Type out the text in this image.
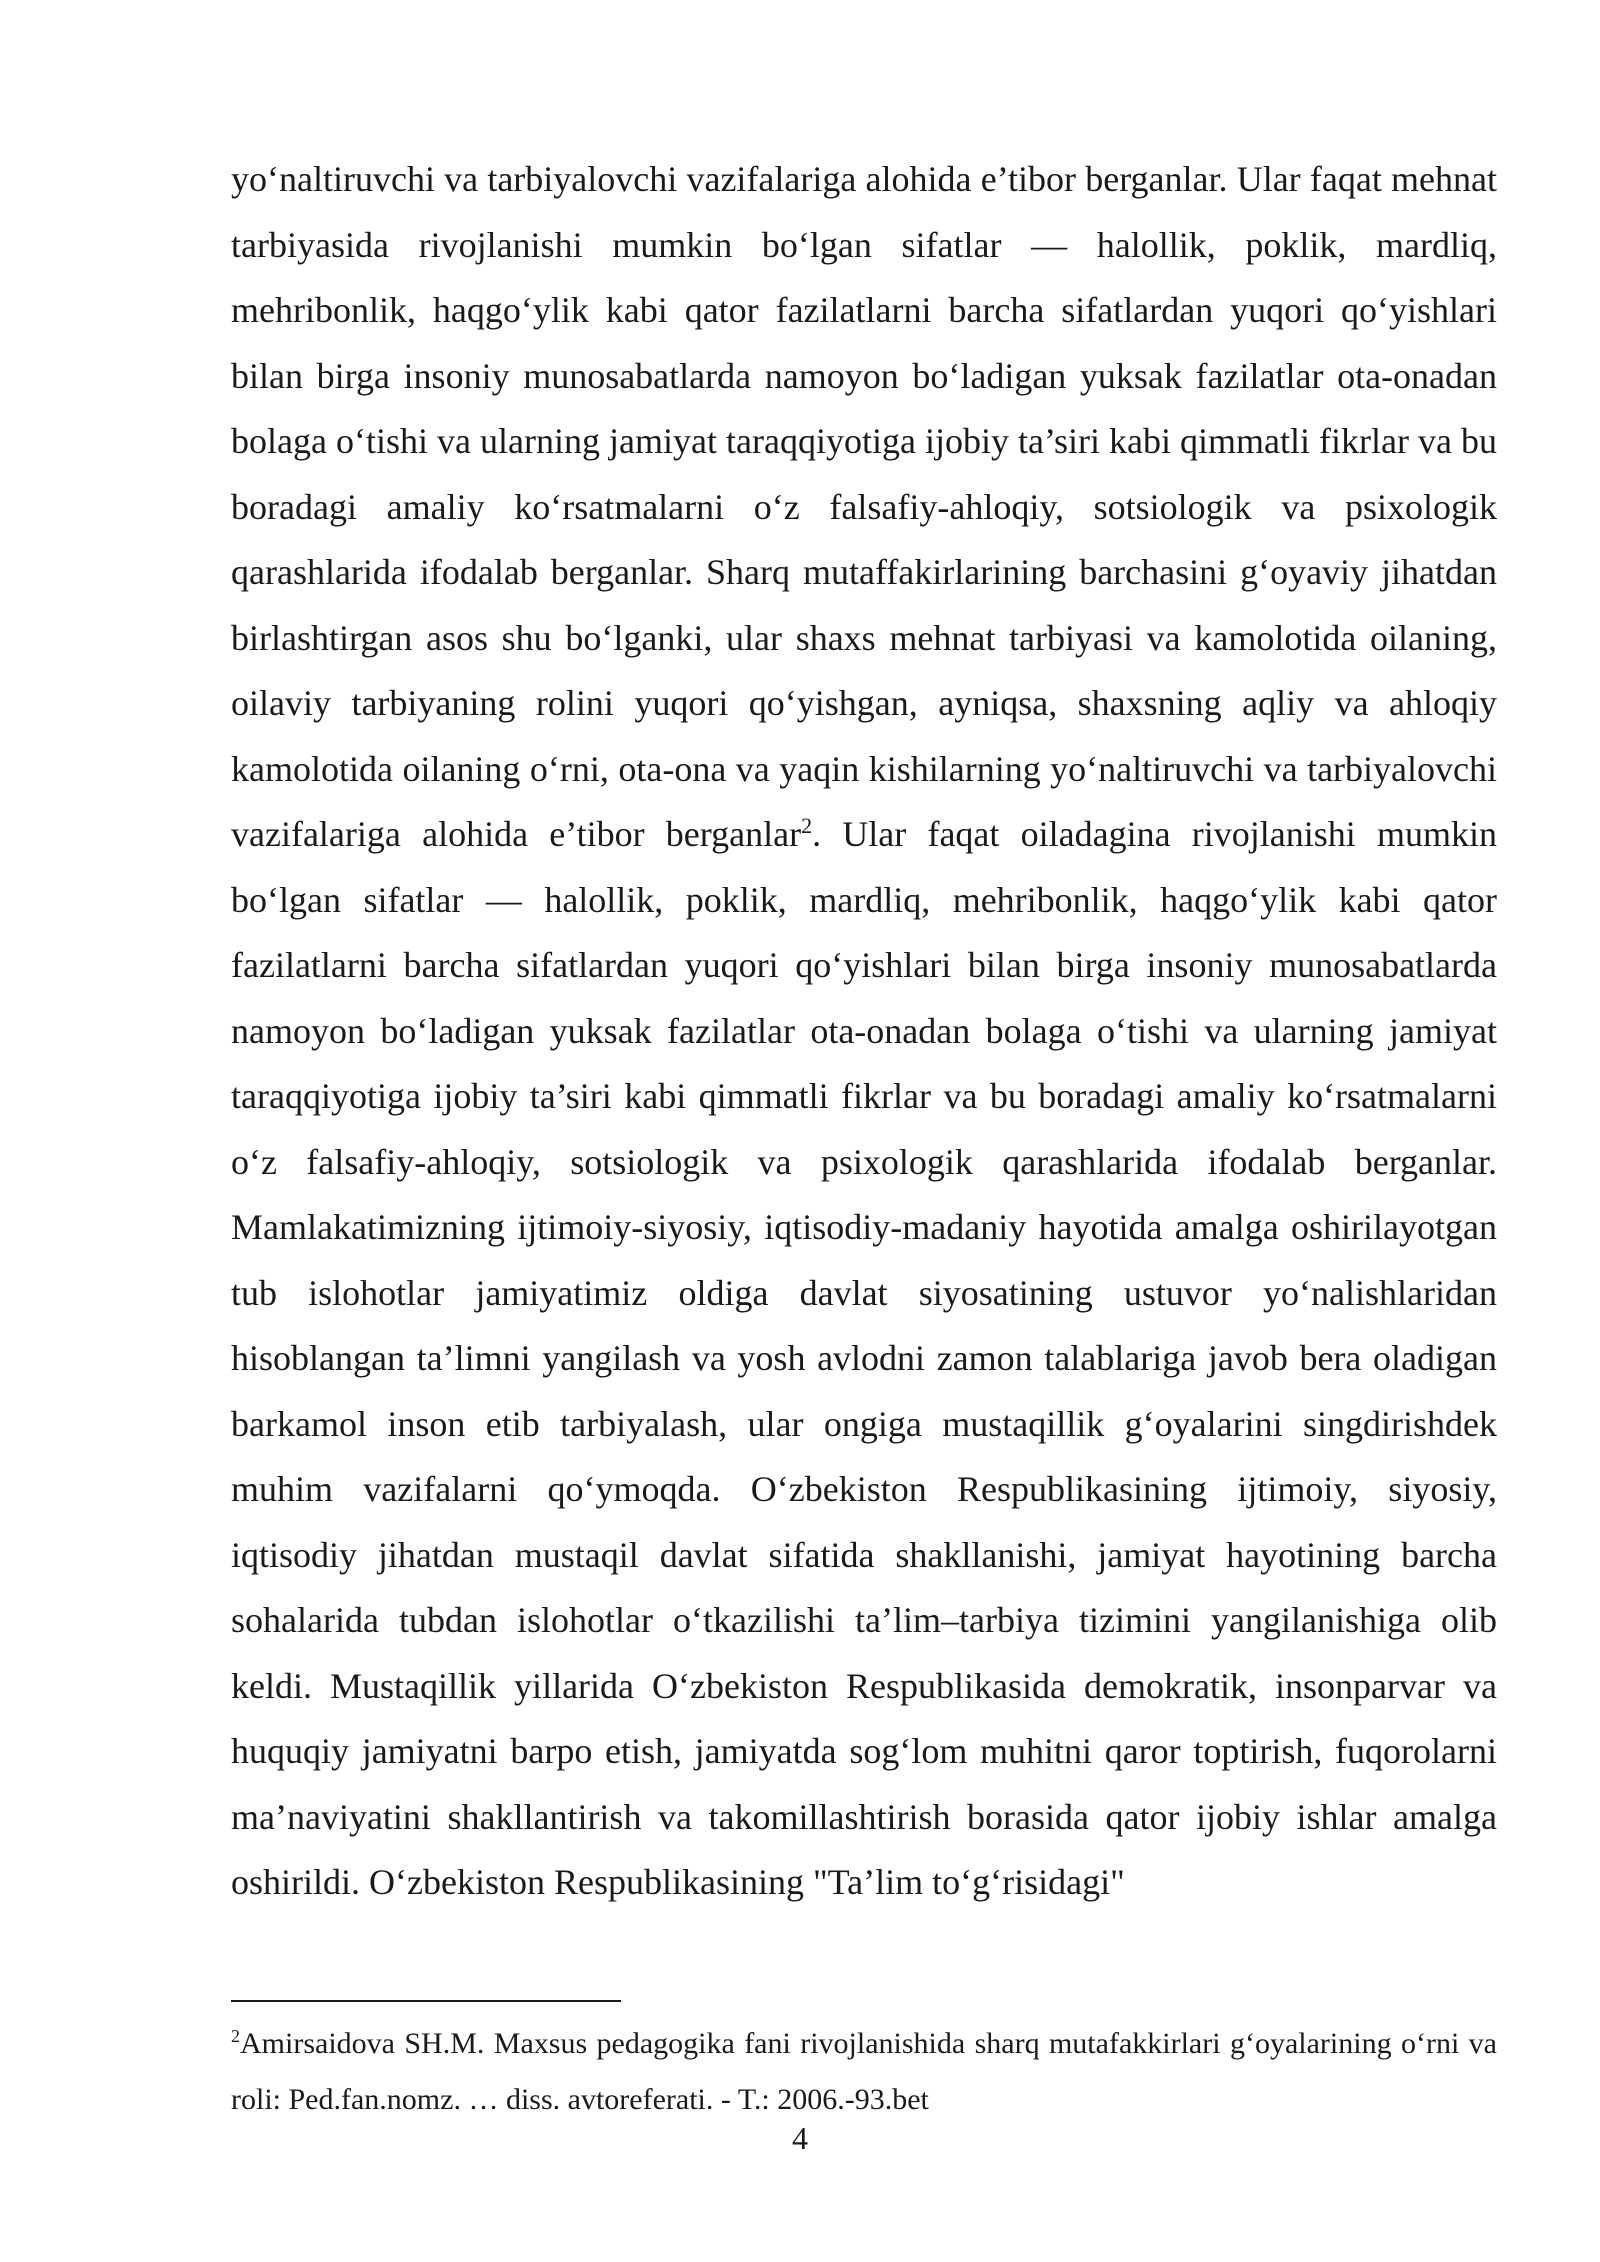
yo‘naltiruvchi va tarbiyalovchi vazifalariga alohida e’tibor berganlar. Ular faqat mehnat tarbiyasida rivojlanishi mumkin bo‘lgan sifatlar — halollik, poklik, mardliq, mehribonlik, haqgo‘ylik kabi qator fazilatlarni barcha sifatlardan yuqori qo‘yishlari bilan birga insoniy munosabatlarda namoyon bo‘ladigan yuksak fazilatlar ota-onadan bolaga o‘tishi va ularning jamiyat taraqqiyotiga ijobiy ta’siri kabi qimmatli fikrlar va bu boradagi amaliy ko‘rsatmalarni o‘z falsafiy-ahloqiy, sotsiologik va psixologik qarashlarida ifodalab berganlar. Sharq mutaffakirlarining barchasini g‘oyaviy jihatdan birlashtirgan asos shu bo‘lganki, ular shaxs mehnat tarbiyasi va kamolotida oilaning, oilaviy tarbiyaning rolini yuqori qo‘yishgan, ayniqsa, shaxsning aqliy va ahloqiy kamolotida oilaning o‘rni, ota-ona va yaqin kishilarning yo‘naltiruvchi va tarbiyalovchi vazifalariga alohida e’tibor berganlar$^2$. Ular faqat oiladagina rivojlanishi mumkin bo‘lgan sifatlar — halollik, poklik, mardliq, mehribonlik, haqgo‘ylik kabi qator fazilatlarni barcha sifatlardan yuqori qo‘yishlari bilan birga insoniy munosabatlarda namoyon bo‘ladigan yuksak fazilatlar ota-onadan bolaga o‘tishi va ularning jamiyat taraqqiyotiga ijobiy ta’siri kabi qimmatli fikrlar va bu boradagi amaliy ko‘rsatmalarni o‘z falsafiy-ahloqiy, sotsiologik va psixologik qarashlarida ifodalab berganlar. Mamlakatimizning ijtimoiy-siyosiy, iqtisodiy-madaniy hayotida amalga oshirilayotgan tub islohotlar jamiyatimiz oldiga davlat siyosatining ustuvor yo‘nalishlaridan hisoblangan ta’limni yangilash va yosh avlodni zamon talablariga javob bera oladigan barkamol inson etib tarbiyalash, ular ongiga mustaqillik g‘oyalarini singdirishdek muhim vazifalarni qo‘ymoqda. O‘zbekiston Respublikasining ijtimoiy, siyosiy, iqtisodiy jihatdan mustaqil davlat sifatida shakllanishi, jamiyat hayotining barcha sohalarida tubdan islohotlar o‘tkazilishi ta’lim–tarbiya tizimini yangilanishiga olib keldi. Mustaqillik yillarida O‘zbekiston Respublikasida demokratik, insonparvar va huquqiy jamiyatni barpo etish, jamiyatda sog‘lom muhitni qaror toptirish, fuqorolarni ma’naviyatini shakllantirish va takomillashtirish borasida qator ijobiy ishlar amalga oshirildi. O‘zbekiston Respublikasining "Ta’lim to‘g‘risidagi"

$^2$Amirsaidova SH.M. Maxsus pedagogika fani rivojlanishida sharq mutafakkirlari g‘oyalarining o‘rni va roli: Ped.fan.nomz. … diss. avtoreferati. - T.: 2006.-93.bet

4
